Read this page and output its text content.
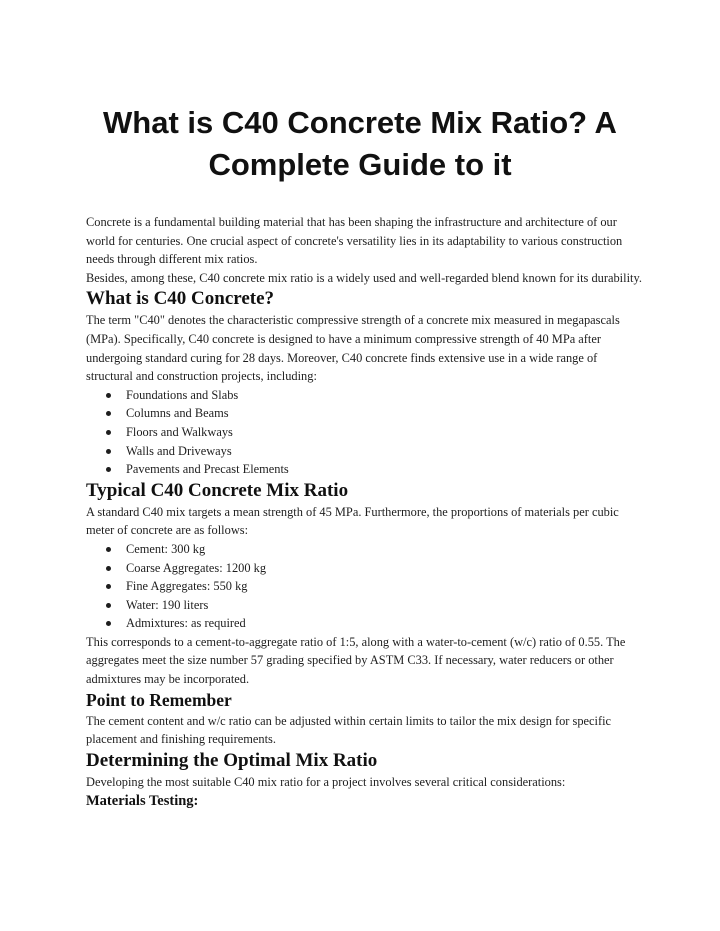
What is C40 Concrete Mix Ratio? A Complete Guide to it

Concrete is a fundamental building material that has been shaping the infrastructure and architecture of our world for centuries. One crucial aspect of concrete's versatility lies in its adaptability to various construction needs through different mix ratios.

Besides, among these, C40 concrete mix ratio is a widely used and well-regarded blend known for its durability.

What is C40 Concrete?

The term "C40" denotes the characteristic compressive strength of a concrete mix measured in megapascals (MPa). Specifically, C40 concrete is designed to have a minimum compressive strength of 40 MPa after undergoing standard curing for 28 days. Moreover, C40 concrete finds extensive use in a wide range of structural and construction projects, including:

Foundations and Slabs
Columns and Beams
Floors and Walkways
Walls and Driveways
Pavements and Precast Elements
Typical C40 Concrete Mix Ratio

A standard C40 mix targets a mean strength of 45 MPa. Furthermore, the proportions of materials per cubic meter of concrete are as follows:

Cement: 300 kg
Coarse Aggregates: 1200 kg
Fine Aggregates: 550 kg
Water: 190 liters
Admixtures: as required

This corresponds to a cement-to-aggregate ratio of 1:5, along with a water-to-cement (w/c) ratio of 0.55. The aggregates meet the size number 57 grading specified by ASTM C33. If necessary, water reducers or other admixtures may be incorporated.

Point to Remember

The cement content and w/c ratio can be adjusted within certain limits to tailor the mix design for specific placement and finishing requirements.

Determining the Optimal Mix Ratio

Developing the most suitable C40 mix ratio for a project involves several critical considerations:

Materials Testing:
